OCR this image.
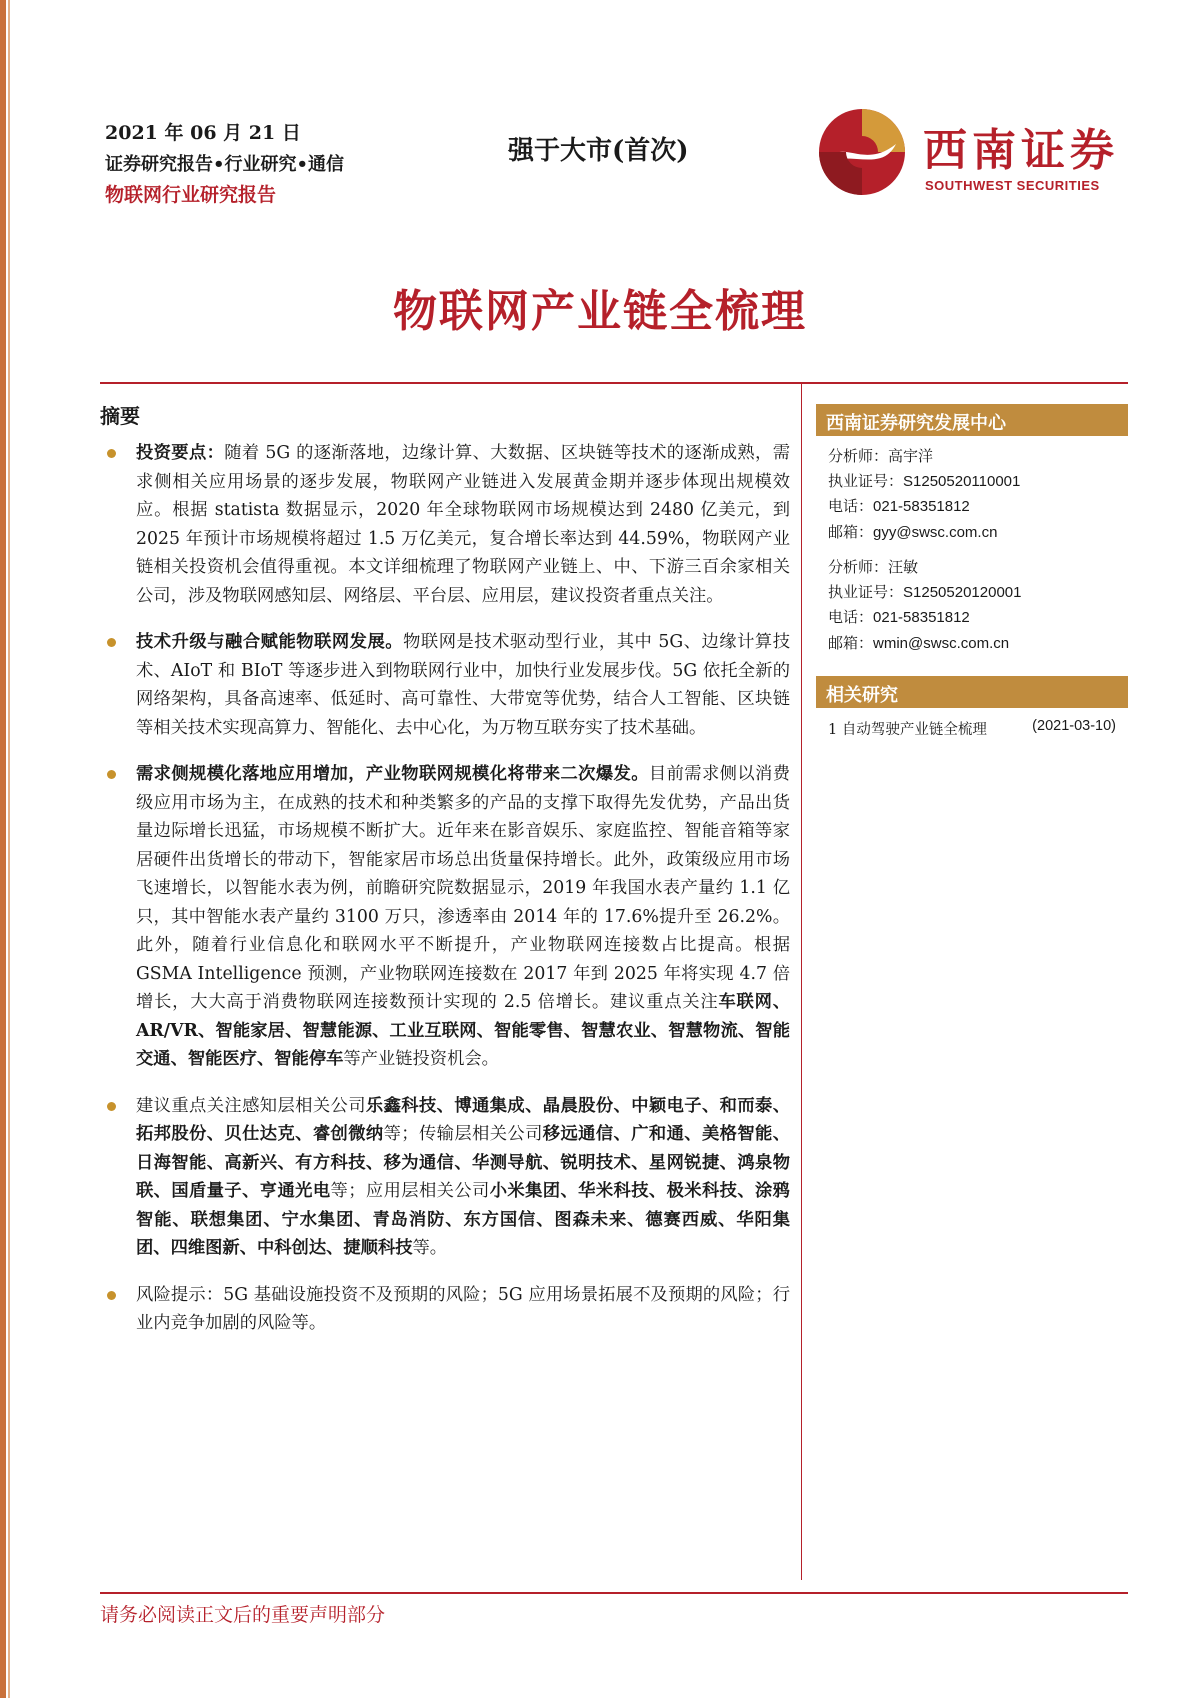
2021 年 06 月 21 日
证券研究报告•行业研究•通信
物联网行业研究报告
强于大市(首次)	西南证券
SOUTHWEST SECURITIES
物联网产业链全梳理
摘要
投资要点：随着 5G 的逐渐落地，边缘计算、大数据、区块链等技术的逐渐成熟，需求侧相关应用场景的逐步发展，物联网产业链进入发展黄金期并逐步体现出规模效应。根据 statista 数据显示，2020 年全球物联网市场规模达到 2480 亿美元，到 2025 年预计市场规模将超过 1.5 万亿美元，复合增长率达到 44.59%，物联网产业链相关投资机会值得重视。本文详细梳理了物联网产业链上、中、下游三百余家相关公司，涉及物联网感知层、网络层、平台层、应用层，建议投资者重点关注。
技术升级与融合赋能物联网发展。物联网是技术驱动型行业，其中 5G、边缘计算技术、AIoT 和 BIoT 等逐步进入到物联网行业中，加快行业发展步伐。5G 依托全新的网络架构，具备高速率、低延时、高可靠性、大带宽等优势，结合人工智能、区块链等相关技术实现高算力、智能化、去中心化，为万物互联夯实了技术基础。
需求侧规模化落地应用增加，产业物联网规模化将带来二次爆发。目前需求侧以消费级应用市场为主，在成熟的技术和种类繁多的产品的支撑下取得先发优势，产品出货量边际增长迅猛，市场规模不断扩大。近年来在影音娱乐、家庭监控、智能音箱等家居硬件出货增长的带动下，智能家居市场总出货量保持增长。此外，政策级应用市场飞速增长，以智能水表为例，前瞻研究院数据显示，2019 年我国水表产量约 1.1 亿只，其中智能水表产量约 3100 万只，渗透率由 2014 年的 17.6%提升至 26.2%。此外，随着行业信息化和联网水平不断提升，产业物联网连接数占比提高。根据 GSMA Intelligence 预测，产业物联网连接数在 2017 年到 2025 年将实现 4.7 倍增长，大大高于消费物联网连接数预计实现的 2.5 倍增长。建议重点关注车联网、AR/VR、智能家居、智慧能源、工业互联网、智能零售、智慧农业、智慧物流、智能交通、智能医疗、智能停车等产业链投资机会。
建议重点关注感知层相关公司乐鑫科技、博通集成、晶晨股份、中颖电子、和而泰、拓邦股份、贝仕达克、睿创微纳等；传输层相关公司移远通信、广和通、美格智能、日海智能、高新兴、有方科技、移为通信、华测导航、锐明技术、星网锐捷、鸿泉物联、国盾量子、亨通光电等；应用层相关公司小米集团、华米科技、极米科技、涂鸦智能、联想集团、宁水集团、青岛消防、东方国信、图森未来、德赛西威、华阳集团、四维图新、中科创达、捷顺科技等。
风险提示：5G 基础设施投资不及预期的风险；5G 应用场景拓展不及预期的风险；行业内竞争加剧的风险等。
西南证券研究发展中心
分析师：高宇洋
执业证号：S1250520110001
电话：021-58351812
邮箱：gyy@swsc.com.cn
分析师：汪敏
执业证号：S1250520120001
电话：021-58351812
邮箱：wmin@swsc.com.cn
相关研究
1 自动驾驶产业链全梳理	(2021-03-10)
请务必阅读正文后的重要声明部分
